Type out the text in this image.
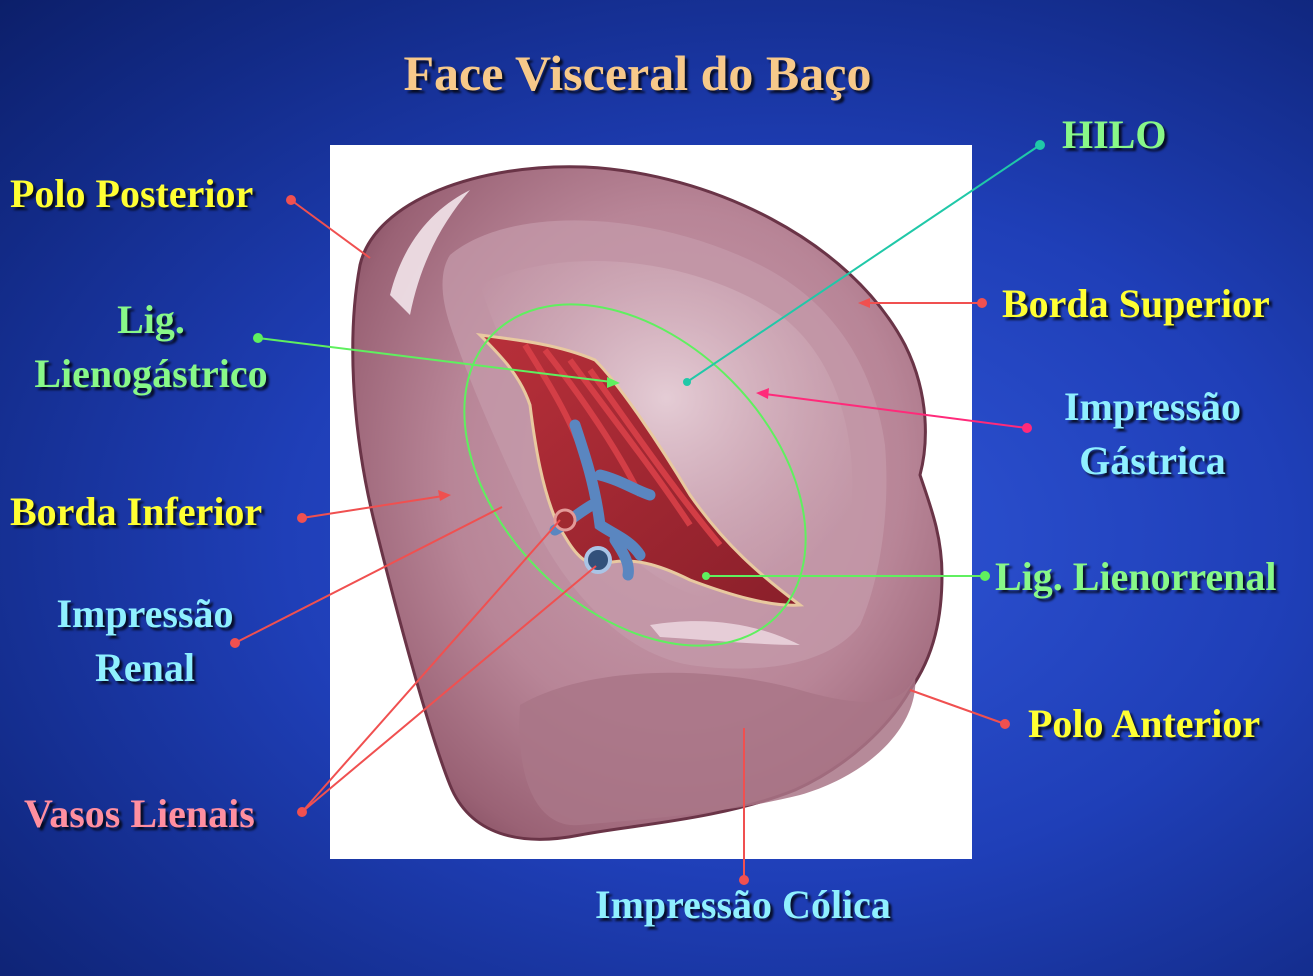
Face Visceral do Baço
HILO
Polo Posterior
Borda Superior
Lig.
Lienogástrico
Impressão
Gástrica
Borda Inferior
Lig. Lienorrenal
Impressão
Renal
Polo Anterior
Vasos Lienais
Impressão Cólica
